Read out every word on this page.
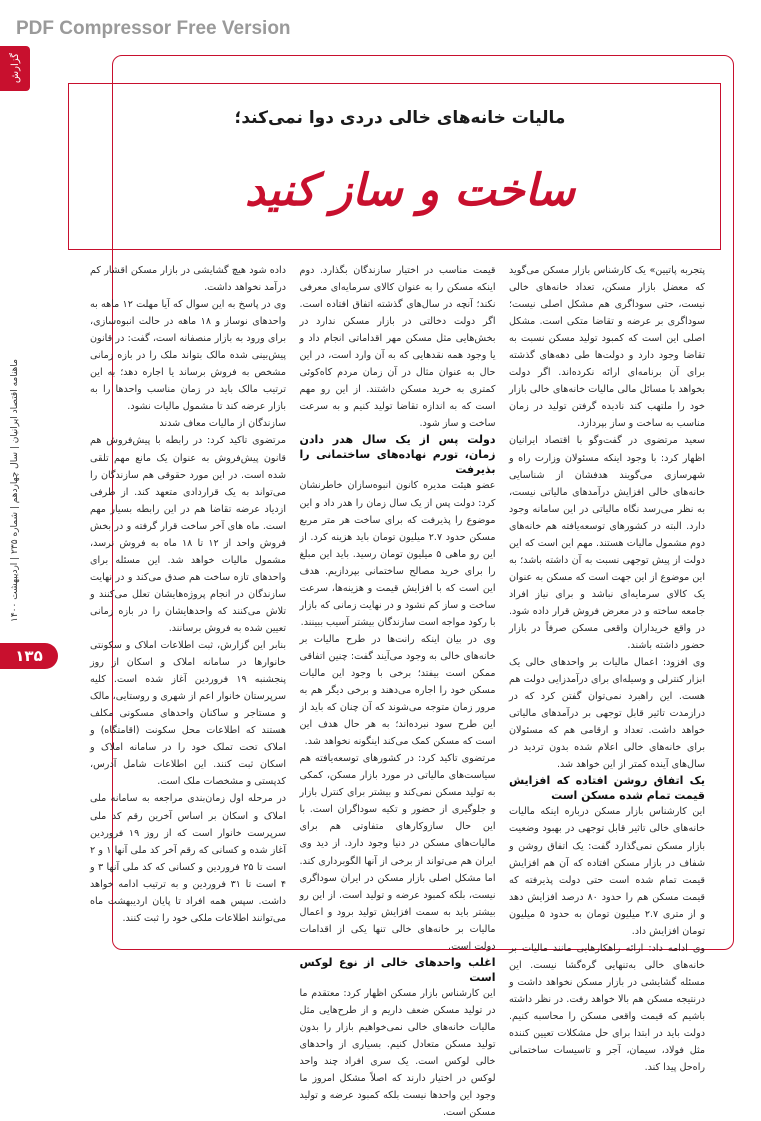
PDF Compressor Free Version
گزارش
ماهنامه اقتصاد ایرانیان | سال چهاردهم | شماره ۲۳۵ | اردیبهشت ۱۴۰۰
۱۳۵
مالیات خانه‌های خالی دردی دوا نمی‌کند؛
ساخت و ساز کنید

پتجربه پاتیین» یک کارشناس بازار مسکن می‌گوید که معضل بازار مسکن، تعداد خانه‌های خالی نیست، حتی سوداگری هم مشکل اصلی نیست؛ سوداگری بر عرضه و تقاضا متکی است. مشکل اصلی این است که کمبود تولید مسکن نسبت به تقاضا وجود دارد و دولت‌ها طی دهه‌های گذشته برای آن برنامه‌ای ارائه نکرده‌اند. اگر دولت بخواهد با مسائل مالی مالیات خانه‌های خالی بازار خود را ملتهب کند نادیده گرفتن تولید در زمان مناسب به ساخت و ساز بپردازد.

سعید مرتضوی در گفت‌وگو با اقتصاد ایرانیان اظهار کرد: با وجود اینکه مسئولان وزارت راه و شهرسازی می‌گویند هدفشان از شناسایی خانه‌های خالی افزایش درآمدهای مالیاتی نیست، به نظر می‌رسد نگاه مالیاتی در این سامانه وجود دارد. البته در کشورهای توسعه‌یافته هم خانه‌های دوم مشمول مالیات هستند. مهم این است که این دولت از پیش توجهی نسبت به آن داشته باشد؛ به این موضوع از این جهت است که مسکن به عنوان یک کالای سرمایه‌ای نباشد و برای نیاز افراد جامعه ساخته و در معرض فروش قرار داده شود. در واقع خریداران واقعی مسکن صرفاً در بازار حضور داشته باشند.

وی افزود: اعمال مالیات بر واحدهای خالی یک ابزار کنترلی و وسیله‌ای برای درآمدزایی دولت هم هست. این راهبرد نمی‌توان گفتن کرد که در درازمدت تاثیر قابل توجهی بر درآمدهای مالیاتی خواهد داشت. تعداد و ارقامی هم که مسئولان برای خانه‌های خالی اعلام شده بدون تردید در سال‌های آینده کمتر از این خواهد شد.

یک اتفاق روشن افتاده که افزایش قیمت تمام شده مسکن است

این کارشناس بازار مسکن درباره اینکه مالیات خانه‌های خالی تاثیر قابل توجهی در بهبود وضعیت بازار مسکن نمی‌گذارد گفت: یک اتفاق روشن و شفاف در بازار مسکن افتاده که آن هم افزایش قیمت تمام شده است حتی دولت پذیرفته که قیمت مسکن هم را حدود ۸۰ درصد افزایش دهد و از متری ۲.۷ میلیون تومان به حدود ۵ میلیون تومان افزایش داد.

وی ادامه داد: ارائه راهکارهایی مانند مالیات بر خانه‌های خالی به‌تنهایی گره‌گشا نیست. این مسئله گشایشی در بازار مسکن نخواهد داشت و درنتیجه مسکن هم بالا خواهد رفت. در نظر داشته باشیم که قیمت واقعی مسکن را محاسبه کنیم. دولت باید در ابتدا برای حل مشکلات تعیین کننده مثل فولاد، سیمان، آجر و تاسیسات ساختمانی راه‌حل پیدا کند.

قیمت مناسب در اختیار سازندگان بگذارد. دوم اینکه مسکن را به عنوان کالای سرمایه‌ای معرفی نکند؛ آنچه در سال‌های گذشته اتفاق افتاده است. اگر دولت دخالتی در بازار مسکن ندارد در بخش‌هایی مثل مسکن مهر اقداماتی انجام داد و یا وجود همه نقدهایی که به آن وارد است، در این حال به عنوان مثال در آن زمان مردم کاه‌کوئی کمتری به خرید مسکن داشتند. از این رو مهم است که به اندازه تقاضا تولید کنیم و به سرعت ساخت و ساز شود.

دولت پس از یک سال هدر دادن زمان، تورم نهاده‌های ساختمانی را بذیرفت

عضو هیئت مدیره کانون انبوه‌سازان خاطرنشان کرد: دولت پس از یک سال زمان را هدر داد و این موضوع را پذیرفت که برای ساخت هر متر مربع مسکن حدود ۲.۷ میلیون تومان باید هزینه کرد. از این رو ماهی ۵ میلیون تومان رسید. باید این مبلغ را برای خرید مصالح ساختمانی بپردازیم. هدف این است که با افزایش قیمت و هزینه‌ها، سرعت ساخت و ساز کم نشود و در نهایت زمانی که بازار با رکود مواجه است سازندگان بیشتر آسیب ببینند.

وی در بیان اینکه رانت‌ها در طرح مالیات بر خانه‌های خالی به وجود می‌آیند گفت: چنین اتفاقی ممکن است بیفتد؛ برخی با وجود این مالیات مسکن خود را اجاره می‌دهند و برخی دیگر هم به مرور زمان متوجه می‌شوند که آن چنان که باید از این طرح سود نبرده‌اند؛ به هر حال هدف این است که مسکن کمک می‌کند اینگونه نخواهد شد.

مرتضوی تاکید کرد: در کشورهای توسعه‌یافته هم سیاست‌های مالیاتی در مورد بازار مسکن، کمکی به تولید مسکن نمی‌کند و بیشتر برای کنترل بازار و جلوگیری از حضور و تکیه سوداگران است. با این حال سازوکارهای متفاوتی هم برای مالیات‌های مسکن در دنیا وجود دارد. از دید وی ایران هم می‌تواند از برخی از آنها الگوبرداری کند. اما مشکل اصلی بازار مسکن در ایران سوداگری نیست، بلکه کمبود عرضه و تولید است. از این رو بیشتر باید به سمت افزایش تولید برود و اعمال مالیات بر خانه‌های خالی تنها یکی از اقدامات دولت است.

اغلب واحدهای خالی از نوع لوکس است

این کارشناس بازار مسکن اظهار کرد: معتقدم ما در تولید مسکن ضعف داریم و از طرح‌هایی مثل مالیات خانه‌های خالی نمی‌خواهیم بازار را بدون تولید مسکن متعادل کنیم. بسیاری از واحدهای خالی لوکس است. یک سری افراد چند واحد لوکس در اختیار دارند که اصلاً مشکل امروز ما وجود این واحدها نیست بلکه کمبود عرضه و تولید مسکن است.

داده شود هیچ گشایشی در بازار مسکن اقشار کم درآمد نخواهد داشت.

وی در پاسخ به این سوال که آیا مهلت ۱۲ ماهه به واحدهای نوساز و ۱۸ ماهه در حالت انبوه‌سازی، برای ورود به بازار منصفانه است، گفت: در قانون پیش‌بینی شده مالک بتواند ملک را در بازه زمانی مشخص به فروش برساند یا اجاره دهد؛ به این ترتیب مالک باید در زمان مناسب واحدها را به بازار عرضه کند تا مشمول مالیات نشود.

سازندگان از مالیات معاف شدند

مرتضوی تاکید کرد: در رابطه با پیش‌فروش هم قانون پیش‌فروش به عنوان یک مانع مهم تلقی شده است. در این مورد حقوقی هم سازندگان را می‌تواند به یک قراردادی متعهد کند. از طرفی ازدیاد عرضه تقاضا هم در این رابطه بسیار مهم است. ماه های آخر ساخت قرار گرفته و در بخش فروش واحد از ۱۲ تا ۱۸ ماه به فروش نرسد، مشمول مالیات خواهد شد. این مسئله برای واحدهای تازه ساخت هم صدق می‌کند و در نهایت سازندگان در انجام پروژه‌هایشان تعلل می‌کنند و تلاش می‌کنند که واحدهایشان را در بازه زمانی تعیین شده به فروش برسانند.

بنابر این گزارش، ثبت اطلاعات املاک و سکونتی خانوارها در سامانه املاک و اسکان از روز پنجشنبه ۱۹ فروردین آغاز شده است. کلیه سرپرستان خانوار اعم از شهری و روستایی، مالک و مستاجر و ساکنان واحدهای مسکونی مکلف هستند که اطلاعات محل سکونت (اقامتگاه) و املاک تحت تملک خود را در سامانه املاک و اسکان ثبت کنند. این اطلاعات شامل آدرس، کدپستی و مشخصات ملک است.

در مرحله اول زمان‌بندی مراجعه به سامانه ملی املاک و اسکان بر اساس آخرین رقم کد ملی سرپرست خانوار است که از روز ۱۹ فروردین آغاز شده و کسانی که رقم آخر کد ملی آنها ۱ و ۲ است تا ۲۵ فروردین و کسانی که کد ملی آنها ۳ و ۴ است تا ۳۱ فروردین و به ترتیب ادامه خواهد داشت. سپس همه افراد تا پایان اردیبهشت ماه می‌توانند اطلاعات ملکی خود را ثبت کنند.
